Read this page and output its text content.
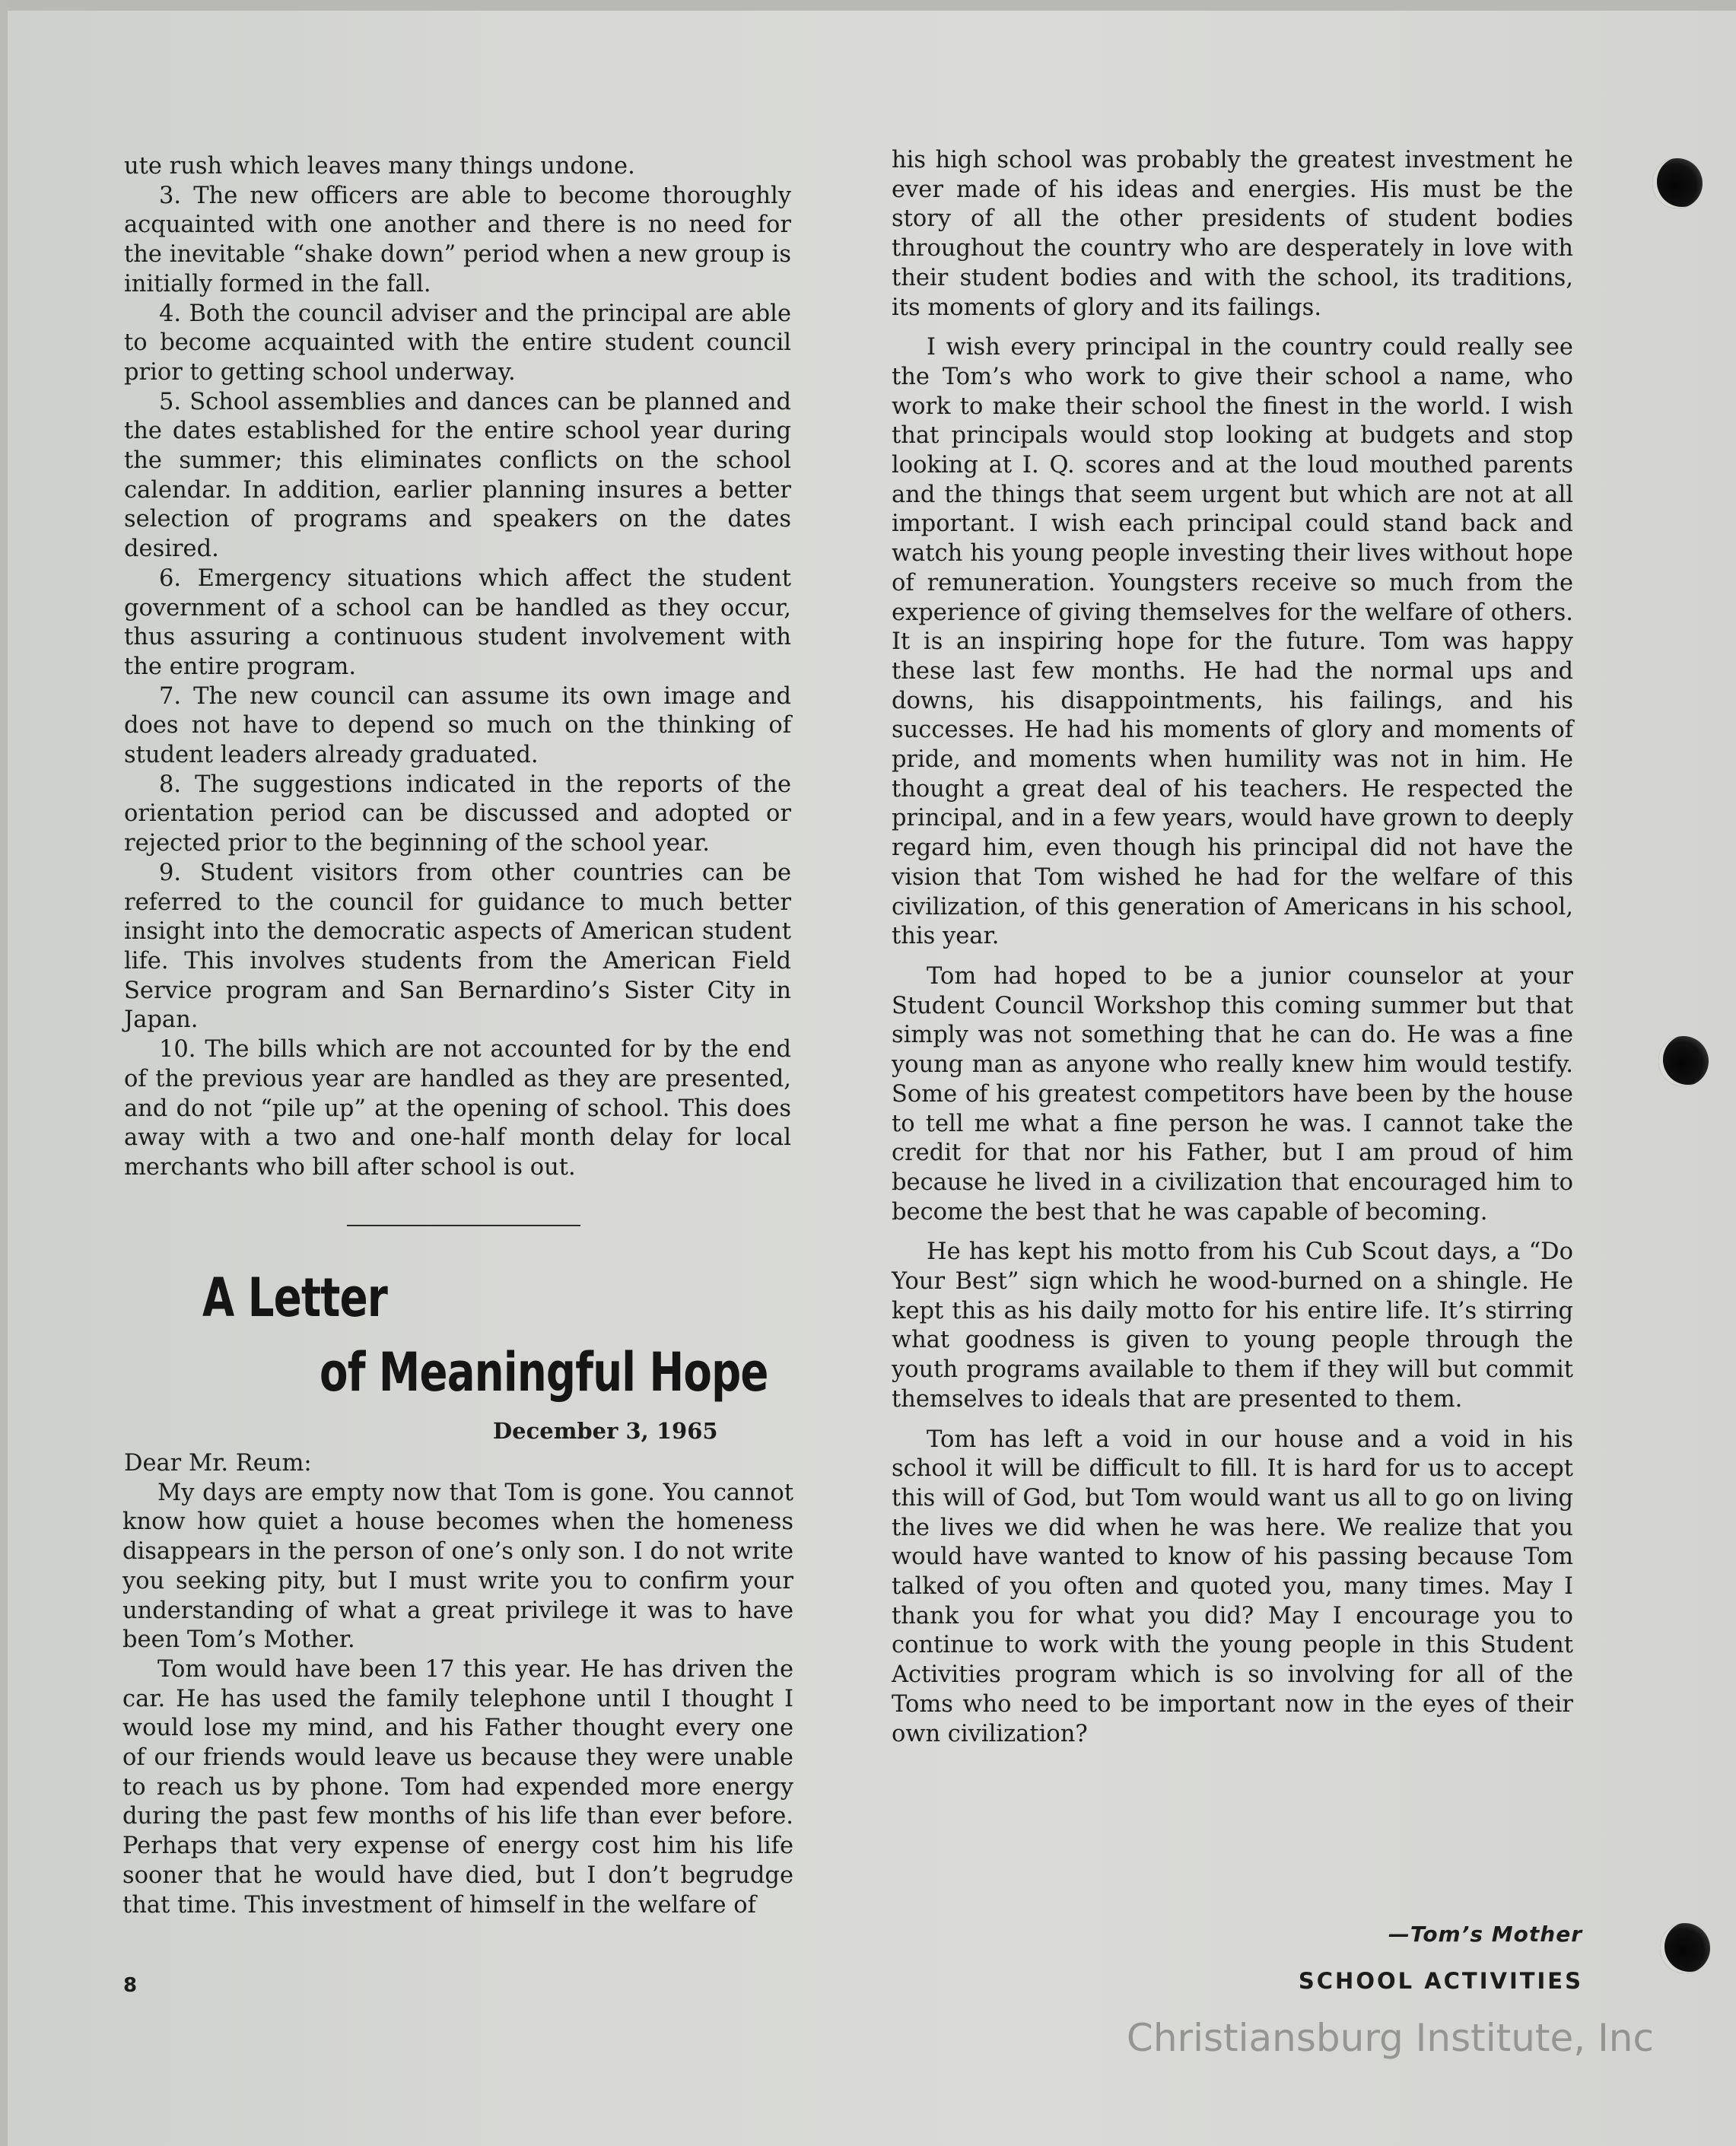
ute rush which leaves many things undone.

3. The new officers are able to become thoroughly acquainted with one another and there is no need for the inevitable “shake down” period when a new group is initially formed in the fall.

4. Both the council adviser and the principal are able to become acquainted with the entire student council prior to getting school underway.

5. School assemblies and dances can be planned and the dates established for the entire school year during the summer; this eliminates conflicts on the school calendar. In addition, earlier planning insures a better selection of programs and speakers on the dates desired.

6. Emergency situations which affect the student government of a school can be handled as they occur, thus assuring a continuous student involvement with the entire program.

7. The new council can assume its own image and does not have to depend so much on the thinking of student leaders already graduated.

8. The suggestions indicated in the reports of the orientation period can be discussed and adopted or rejected prior to the beginning of the school year.

9. Student visitors from other countries can be referred to the council for guidance to much better insight into the democratic aspects of American student life. This involves students from the American Field Service program and San Bernardino’s Sister City in Japan.

10. The bills which are not accounted for by the end of the previous year are handled as they are presented, and do not “pile up” at the opening of school. This does away with a two and one-half month delay for local merchants who bill after school is out.

A Letter
of Meaningful Hope
December 3, 1965

Dear Mr. Reum:

My days are empty now that Tom is gone. You cannot know how quiet a house becomes when the homeness disappears in the person of one’s only son. I do not write you seeking pity, but I must write you to confirm your understanding of what a great privilege it was to have been Tom’s Mother.

Tom would have been 17 this year. He has driven the car. He has used the family telephone until I thought I would lose my mind, and his Father thought every one of our friends would leave us because they were unable to reach us by phone. Tom had expended more energy during the past few months of his life than ever before. Perhaps that very expense of energy cost him his life sooner that he would have died, but I don’t begrudge that time. This investment of himself in the welfare of

his high school was probably the greatest investment he ever made of his ideas and energies. His must be the story of all the other presidents of student bodies throughout the country who are desperately in love with their student bodies and with the school, its traditions, its moments of glory and its failings.

I wish every principal in the country could really see the Tom’s who work to give their school a name, who work to make their school the finest in the world. I wish that principals would stop looking at budgets and stop looking at I. Q. scores and at the loud mouthed parents and the things that seem urgent but which are not at all important. I wish each principal could stand back and watch his young people investing their lives without hope of remuneration. Youngsters receive so much from the experience of giving themselves for the welfare of others. It is an inspiring hope for the future. Tom was happy these last few months. He had the normal ups and downs, his disappointments, his failings, and his successes. He had his moments of glory and moments of pride, and moments when humility was not in him. He thought a great deal of his teachers. He respected the principal, and in a few years, would have grown to deeply regard him, even though his principal did not have the vision that Tom wished he had for the welfare of this civilization, of this generation of Americans in his school, this year.

Tom had hoped to be a junior counselor at your Student Council Workshop this coming summer but that simply was not something that he can do. He was a fine young man as anyone who really knew him would testify. Some of his greatest competitors have been by the house to tell me what a fine person he was. I cannot take the credit for that nor his Father, but I am proud of him because he lived in a civilization that encouraged him to become the best that he was capable of becoming.

He has kept his motto from his Cub Scout days, a “Do Your Best” sign which he wood-burned on a shingle. He kept this as his daily motto for his entire life. It’s stirring what goodness is given to young people through the youth programs available to them if they will but commit themselves to ideals that are presented to them.

Tom has left a void in our house and a void in his school it will be difficult to fill. It is hard for us to accept this will of God, but Tom would want us all to go on living the lives we did when he was here. We realize that you would have wanted to know of his passing because Tom talked of you often and quoted you, many times. May I thank you for what you did? May I encourage you to continue to work with the young people in this Student Activities program which is so involving for all of the Toms who need to be important now in the eyes of their own civilization?

—Tom’s Mother
8	SCHOOL ACTIVITIES
Christiansburg Institute, Inc
